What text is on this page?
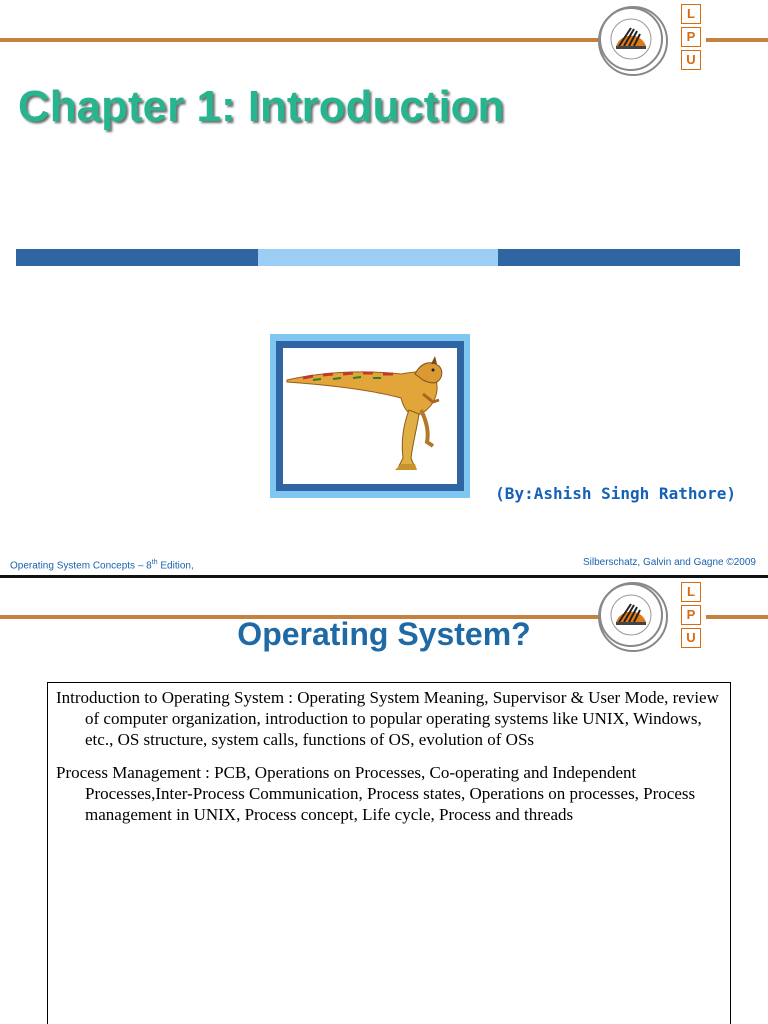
L
P
U
Chapter 1: Introduction
(By:Ashish Singh Rathore)
Operating System Concepts – 8th Edition,	Silberschatz, Galvin and Gagne ©2009
L
P
U
Operating System?

Introduction to Operating System : Operating System Meaning, Supervisor & User Mode, review of computer organization, introduction to popular operating systems like UNIX, Windows, etc., OS structure, system calls, functions of OS, evolution of OSs

Process Management : PCB, Operations on Processes, Co-operating and Independent Processes,Inter-Process Communication, Process states, Operations on processes, Process management in UNIX, Process concept, Life cycle, Process and threads
